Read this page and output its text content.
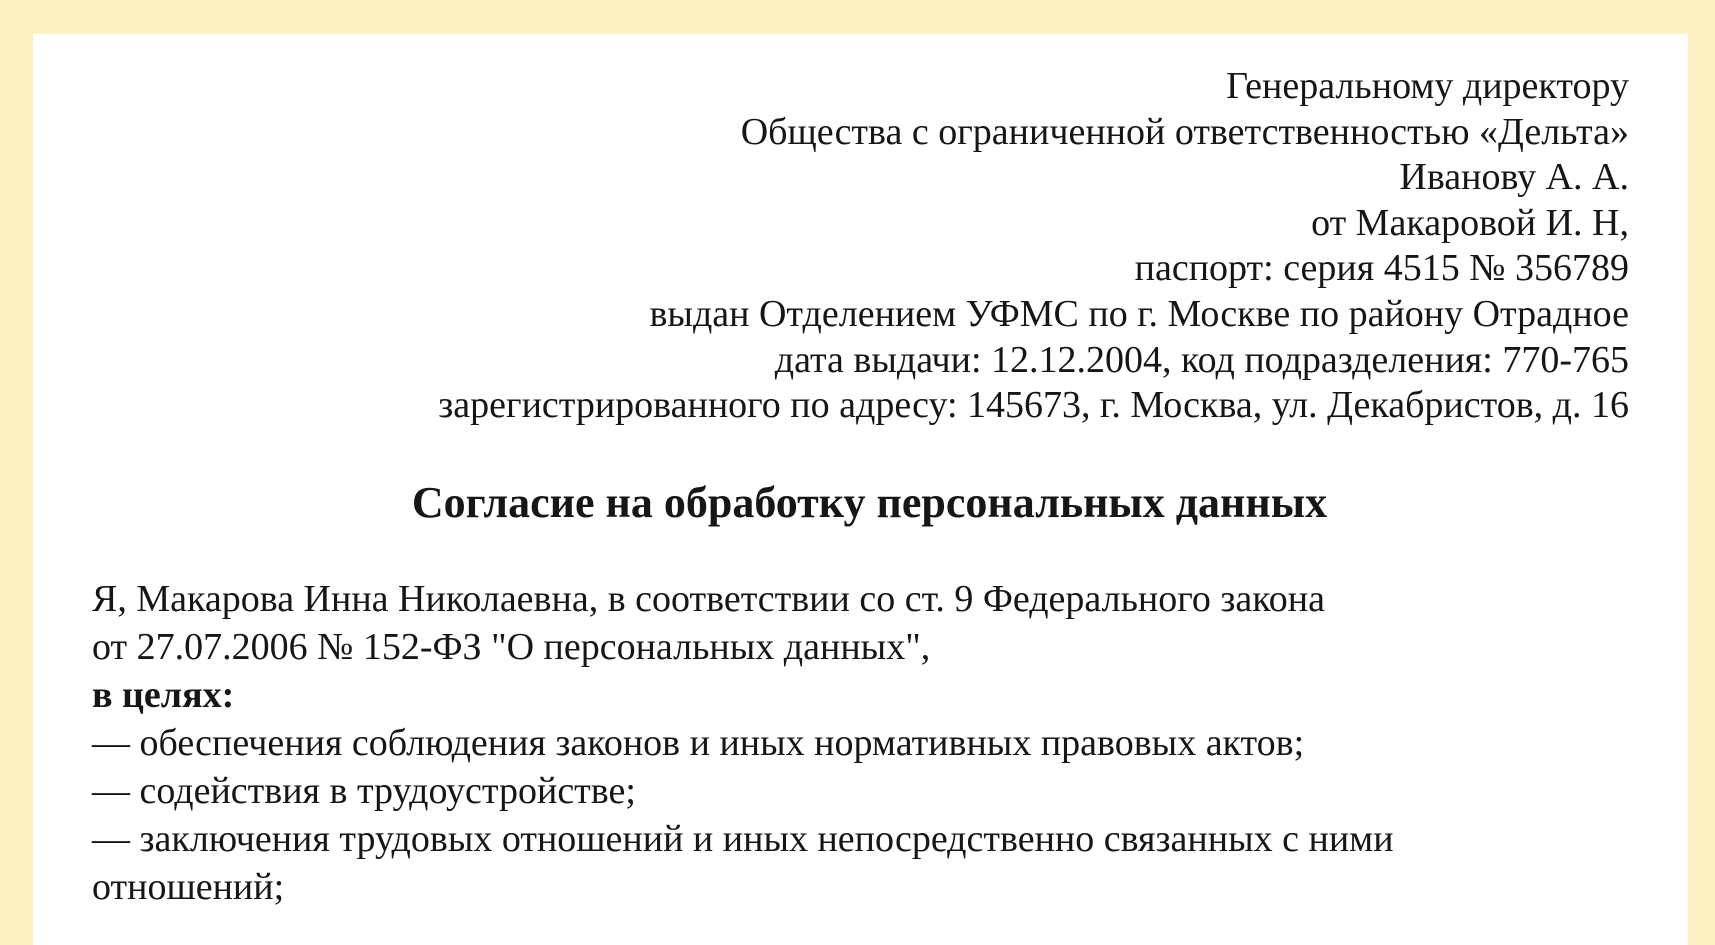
Генеральному директору
Общества с ограниченной ответственностью «Дельта»
Иванову А. А.
от Макаровой И. Н,
паспорт: серия 4515 № 356789
выдан Отделением УФМС по г. Москве по району Отрадное
дата выдачи: 12.12.2004, код подразделения: 770-765
зарегистрированного по адресу: 145673, г. Москва, ул. Декабристов, д. 16
Согласие на обработку персональных данных
Я, Макарова Инна Николаевна, в соответствии со ст. 9 Федерального закона
от 27.07.2006 № 152-ФЗ "О персональных данных",
в целях:
— обеспечения соблюдения законов и иных нормативных правовых актов;
— содействия в трудоустройстве;
— заключения трудовых отношений и иных непосредственно связанных с ними
отношений;
